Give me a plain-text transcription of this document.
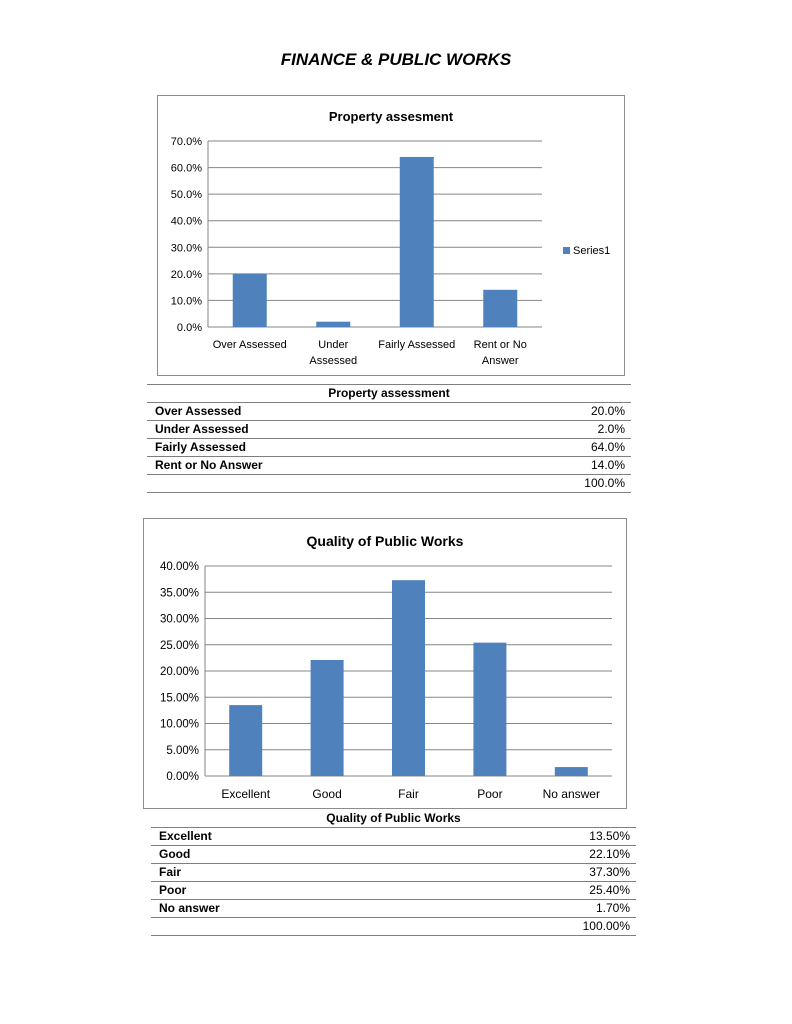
FINANCE & PUBLIC WORKS
Property assesment
0.0%
10.0%
20.0%
30.0%
40.0%
50.0%
60.0%
70.0%
Over Assessed	Under
Assessed
Fairly Assessed Rent or No
Answer
Series1
Property assessment	
Over Assessed	20.0%
Under Assessed	2.0%
Fairly Assessed	64.0%
Rent or No Answer	14.0%
	100.0%
Quality of Public Works
0.00%
5.00%
10.00%
15.00%
20.00%
25.00%
30.00%
35.00%
40.00%
Excellent	Good	Fair	Poor	No answer
Quality of Public Works	
Excellent	13.50%
Good	22.10%
Fair	37.30%
Poor	25.40%
No answer	1.70%
	100.00%
